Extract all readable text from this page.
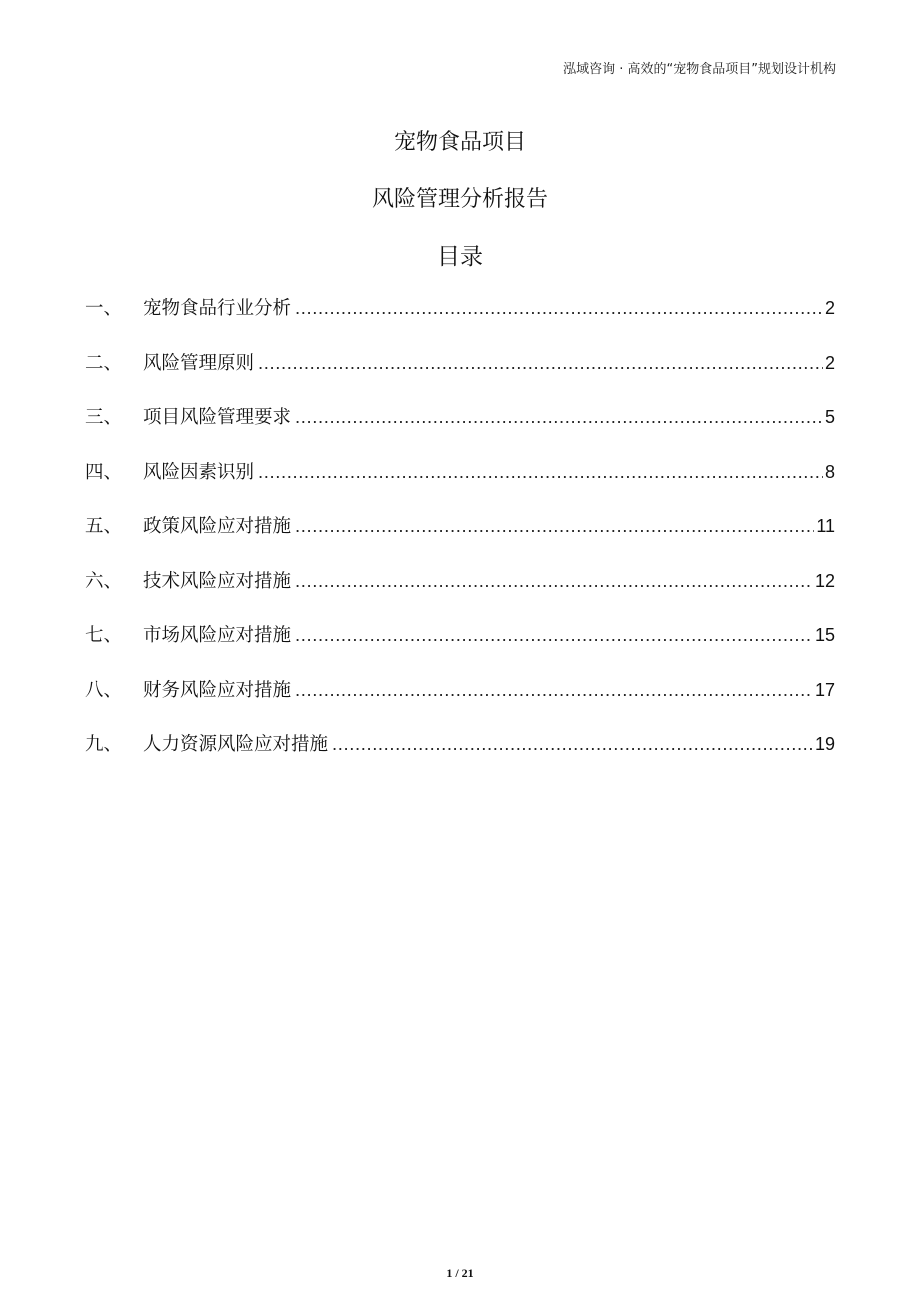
泓域咨询 · 高效的“宠物食品项目”规划设计机构
宠物食品项目
风险管理分析报告
目录
一、	宠物食品行业分析 .....	2
二、	风险管理原则 .....	2
三、	项目风险管理要求 .....	5
四、	风险因素识别 .....	8
五、	政策风险应对措施 .....	11
六、	技术风险应对措施 .....	12
七、	市场风险应对措施 .....	15
八、	财务风险应对措施 .....	17
九、	人力资源风险应对措施 .....	19
1 / 21
